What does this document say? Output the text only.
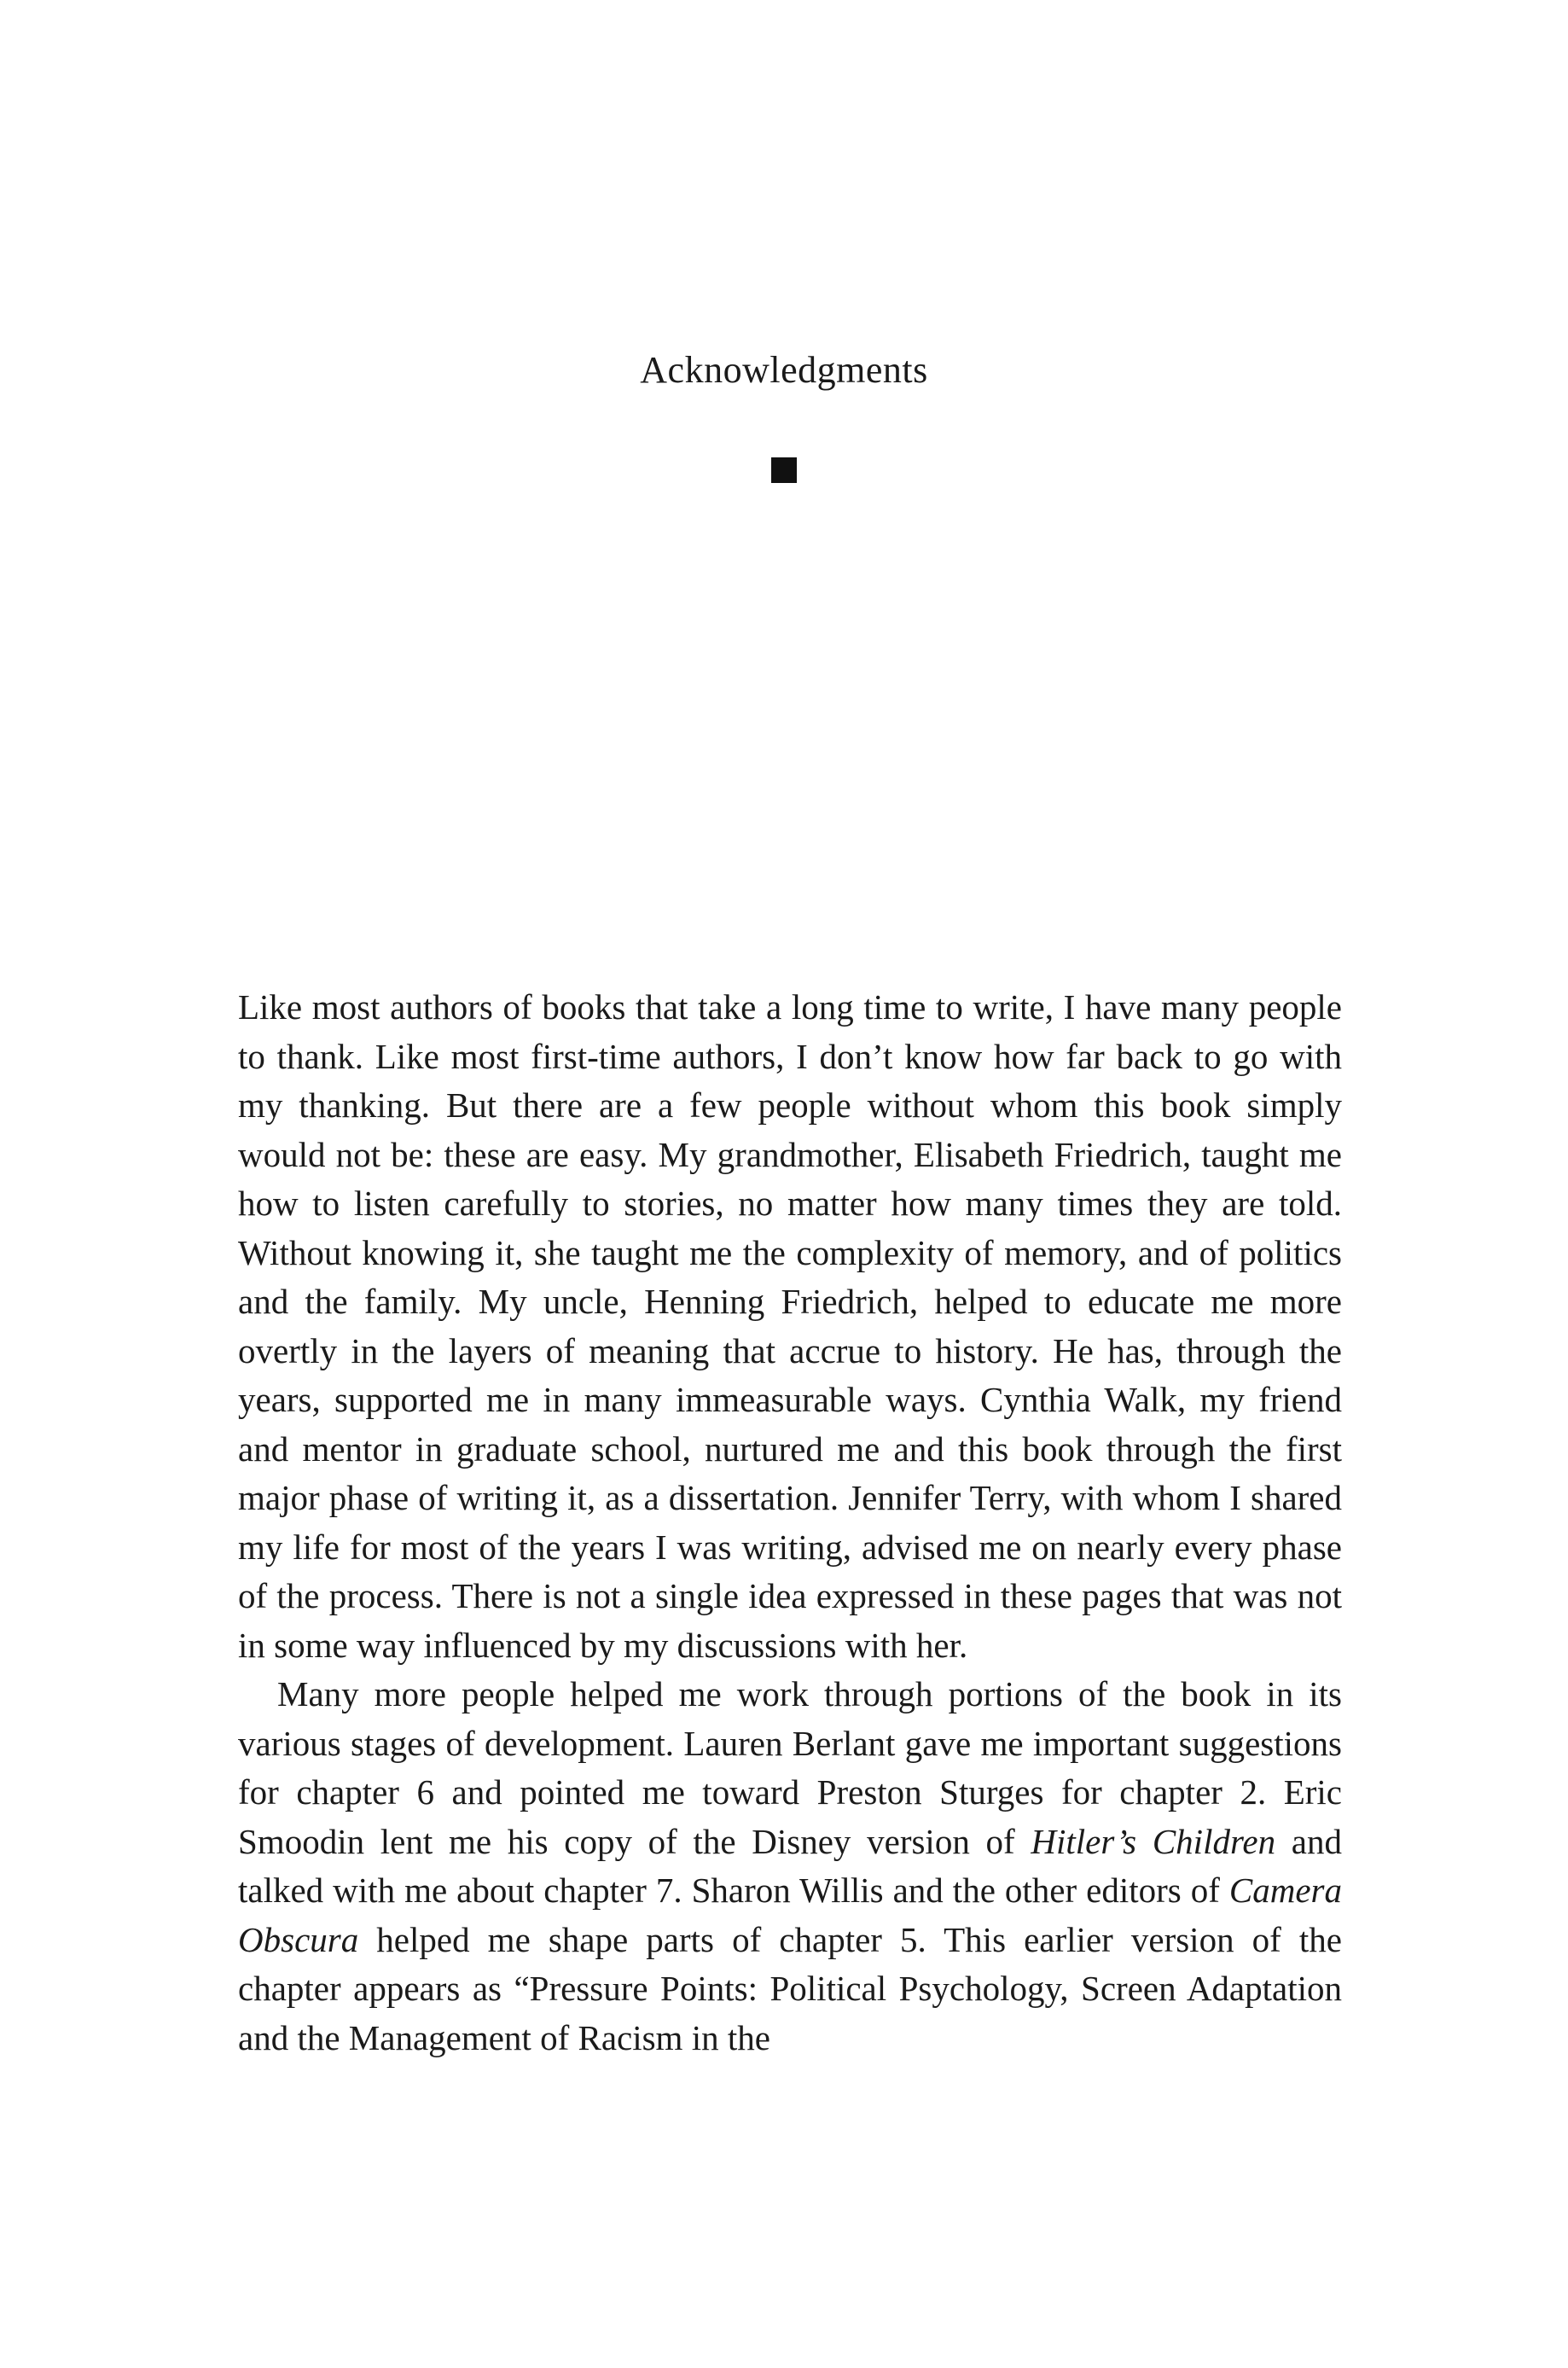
Acknowledgments

Like most authors of books that take a long time to write, I have many people to thank. Like most first-time authors, I don’t know how far back to go with my thanking. But there are a few people without whom this book simply would not be: these are easy. My grandmother, Elisabeth Friedrich, taught me how to listen carefully to stories, no matter how many times they are told. Without knowing it, she taught me the complexity of memory, and of politics and the family. My uncle, Henning Friedrich, helped to educate me more overtly in the layers of meaning that accrue to history. He has, through the years, supported me in many immeasurable ways. Cynthia Walk, my friend and mentor in graduate school, nurtured me and this book through the first major phase of writing it, as a dissertation. Jennifer Terry, with whom I shared my life for most of the years I was writing, advised me on nearly every phase of the process. There is not a single idea expressed in these pages that was not in some way influenced by my discussions with her.

Many more people helped me work through portions of the book in its various stages of development. Lauren Berlant gave me important suggestions for chapter 6 and pointed me toward Preston Sturges for chapter 2. Eric Smoodin lent me his copy of the Disney version of Hitler’s Children and talked with me about chapter 7. Sharon Willis and the other editors of Camera Obscura helped me shape parts of chapter 5. This earlier version of the chapter appears as “Pressure Points: Political Psychology, Screen Adaptation and the Management of Racism in the
